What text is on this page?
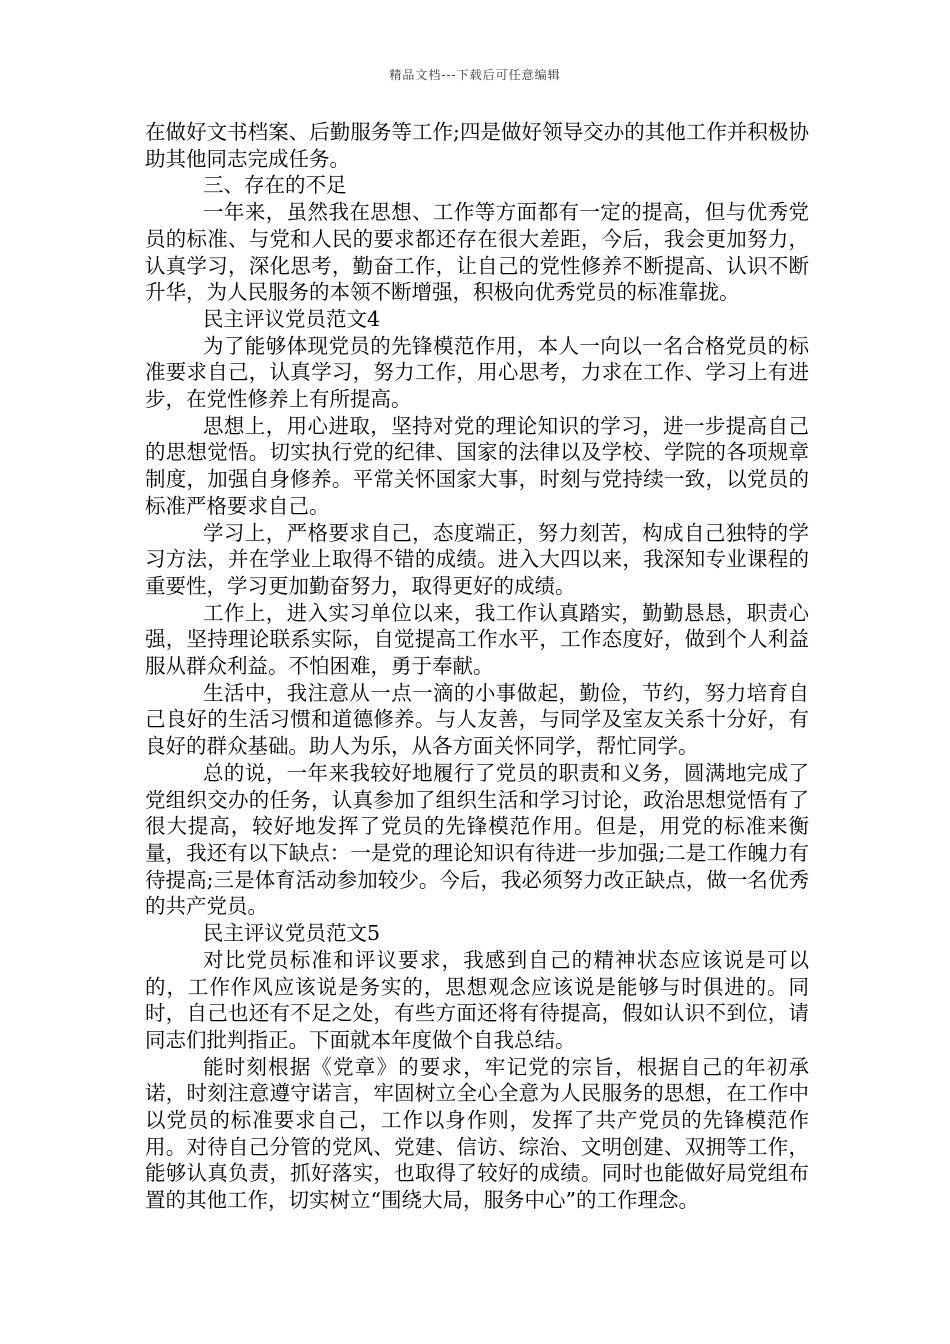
精品文档---下载后可任意编辑

在做好文书档案、后勤服务等工作;四是做好领导交办的其他工作并积极协助其他同志完成任务。

三、存在的不足

一年来，虽然我在思想、工作等方面都有一定的提高，但与优秀党员的标准、与党和人民的要求都还存在很大差距，今后，我会更加努力，认真学习，深化思考，勤奋工作，让自己的党性修养不断提高、认识不断升华，为人民服务的本领不断增强，积极向优秀党员的标准靠拢。

民主评议党员范文4

为了能够体现党员的先锋模范作用，本人一向以一名合格党员的标准要求自己，认真学习，努力工作，用心思考，力求在工作、学习上有进步，在党性修养上有所提高。

思想上，用心进取，坚持对党的理论知识的学习，进一步提高自己的思想觉悟。切实执行党的纪律、国家的法律以及学校、学院的各项规章制度，加强自身修养。平常关怀国家大事，时刻与党持续一致，以党员的标准严格要求自己。

学习上，严格要求自己，态度端正，努力刻苦，构成自己独特的学习方法，并在学业上取得不错的成绩。进入大四以来，我深知专业课程的重要性，学习更加勤奋努力，取得更好的成绩。

工作上，进入实习单位以来，我工作认真踏实，勤勤恳恳，职责心强，坚持理论联系实际，自觉提高工作水平，工作态度好，做到个人利益服从群众利益。不怕困难，勇于奉献。

生活中，我注意从一点一滴的小事做起，勤俭，节约，努力培育自己良好的生活习惯和道德修养。与人友善，与同学及室友关系十分好，有良好的群众基础。助人为乐，从各方面关怀同学，帮忙同学。

总的说，一年来我较好地履行了党员的职责和义务，圆满地完成了党组织交办的任务，认真参加了组织生活和学习讨论，政治思想觉悟有了很大提高，较好地发挥了党员的先锋模范作用。但是，用党的标准来衡量，我还有以下缺点：一是党的理论知识有待进一步加强;二是工作魄力有待提高;三是体育活动参加较少。今后，我必须努力改正缺点，做一名优秀的共产党员。

民主评议党员范文5

对比党员标准和评议要求，我感到自己的精神状态应该说是可以的，工作作风应该说是务实的，思想观念应该说是能够与时俱进的。同时，自己也还有不足之处，有些方面还将有待提高，假如认识不到位，请同志们批判指正。下面就本年度做个自我总结。

能时刻根据《党章》的要求，牢记党的宗旨，根据自己的年初承诺，时刻注意遵守诺言，牢固树立全心全意为人民服务的思想，在工作中以党员的标准要求自己，工作以身作则，发挥了共产党员的先锋模范作用。对待自己分管的党风、党建、信访、综治、文明创建、双拥等工作，能够认真负责，抓好落实，也取得了较好的成绩。同时也能做好局党组布置的其他工作，切实树立“围绕大局，服务中心”的工作理念。
